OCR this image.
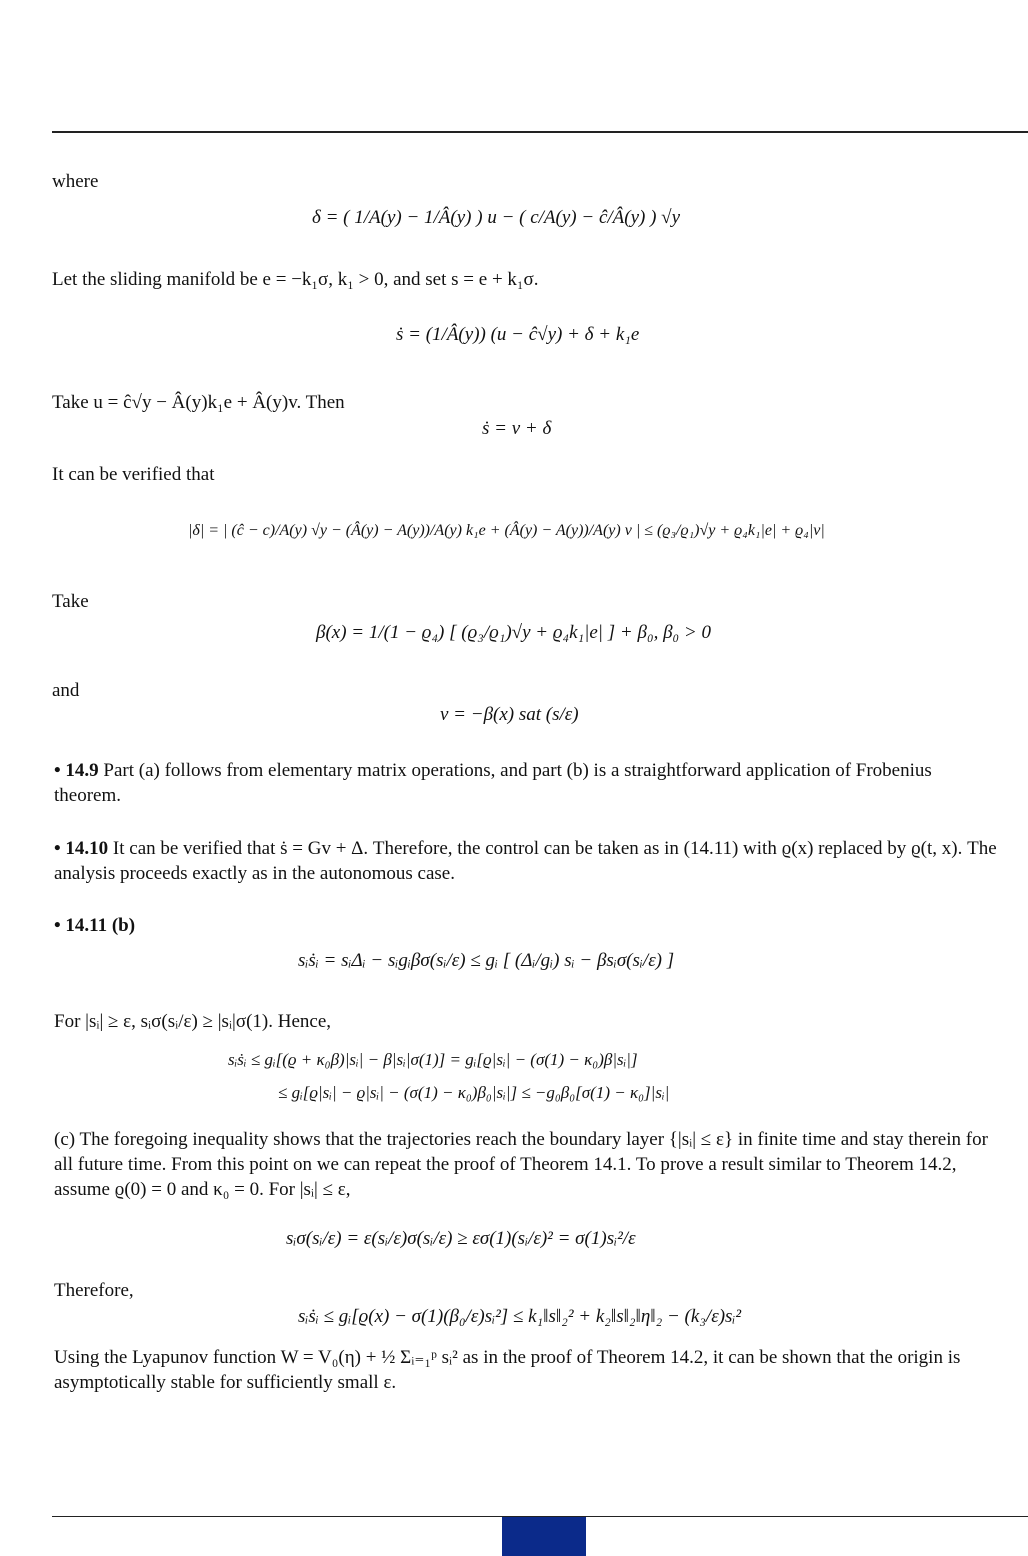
where
δ = ( 1/A(y) − 1/Â(y) ) u − ( c/A(y) − ĉ/Â(y) ) √y
Let the sliding manifold be e = −k₁σ, k₁ > 0, and set s = e + k₁σ.
ṡ = (1/Â(y)) (u − ĉ√y) + δ + k₁e
Take u = ĉ√y − Â(y)k₁e + Â(y)v. Then
ṡ = v + δ
It can be verified that
|δ| = | (ĉ − c)/A(y) √y − (Â(y) − A(y))/A(y) k₁e + (Â(y) − A(y))/A(y) v | ≤ (ϱ₃/ϱ₁)√y + ϱ₄k₁|e| + ϱ₄|v|
Take
β(x) = 1/(1 − ϱ₄) [ (ϱ₃/ϱ₁)√y + ϱ₄k₁|e| ] + β₀, β₀ > 0
and
v = −β(x) sat (s/ε)
• 14.9 Part (a) follows from elementary matrix operations, and part (b) is a straightforward application of Frobenius theorem.
• 14.10 It can be verified that ṡ = Gv + Δ. Therefore, the control can be taken as in (14.11) with ϱ(x) replaced by ϱ(t, x). The analysis proceeds exactly as in the autonomous case.
• 14.11 (b)
sᵢṡᵢ = sᵢΔᵢ − sᵢgᵢβσ(sᵢ/ε) ≤ gᵢ [ (Δᵢ/gᵢ) sᵢ − βsᵢσ(sᵢ/ε) ]
For |sᵢ| ≥ ε, sᵢσ(sᵢ/ε) ≥ |sᵢ|σ(1). Hence,
sᵢṡᵢ ≤ gᵢ[(ϱ + κ₀β)|sᵢ| − β|sᵢ|σ(1)] = gᵢ[ϱ|sᵢ| − (σ(1) − κ₀)β|sᵢ|]
≤ gᵢ[ϱ|sᵢ| − ϱ|sᵢ| − (σ(1) − κ₀)β₀|sᵢ|] ≤ −g₀β₀[σ(1) − κ₀]|sᵢ|
(c) The foregoing inequality shows that the trajectories reach the boundary layer {|sᵢ| ≤ ε} in finite time and stay therein for all future time. From this point on we can repeat the proof of Theorem 14.1. To prove a result similar to Theorem 14.2, assume ϱ(0) = 0 and κ₀ = 0. For |sᵢ| ≤ ε,
sᵢσ(sᵢ/ε) = ε(sᵢ/ε)σ(sᵢ/ε) ≥ εσ(1)(sᵢ/ε)² = σ(1)sᵢ²/ε
Therefore,
sᵢṡᵢ ≤ gᵢ[ϱ(x) − σ(1)(β₀/ε)sᵢ²] ≤ k₁‖s‖₂² + k₂‖s‖₂‖η‖₂ − (k₃/ε)sᵢ²
Using the Lyapunov function W = V₀(η) + ½ Σᵢ₌₁ᵖ sᵢ² as in the proof of Theorem 14.2, it can be shown that the origin is asymptotically stable for sufficiently small ε.
